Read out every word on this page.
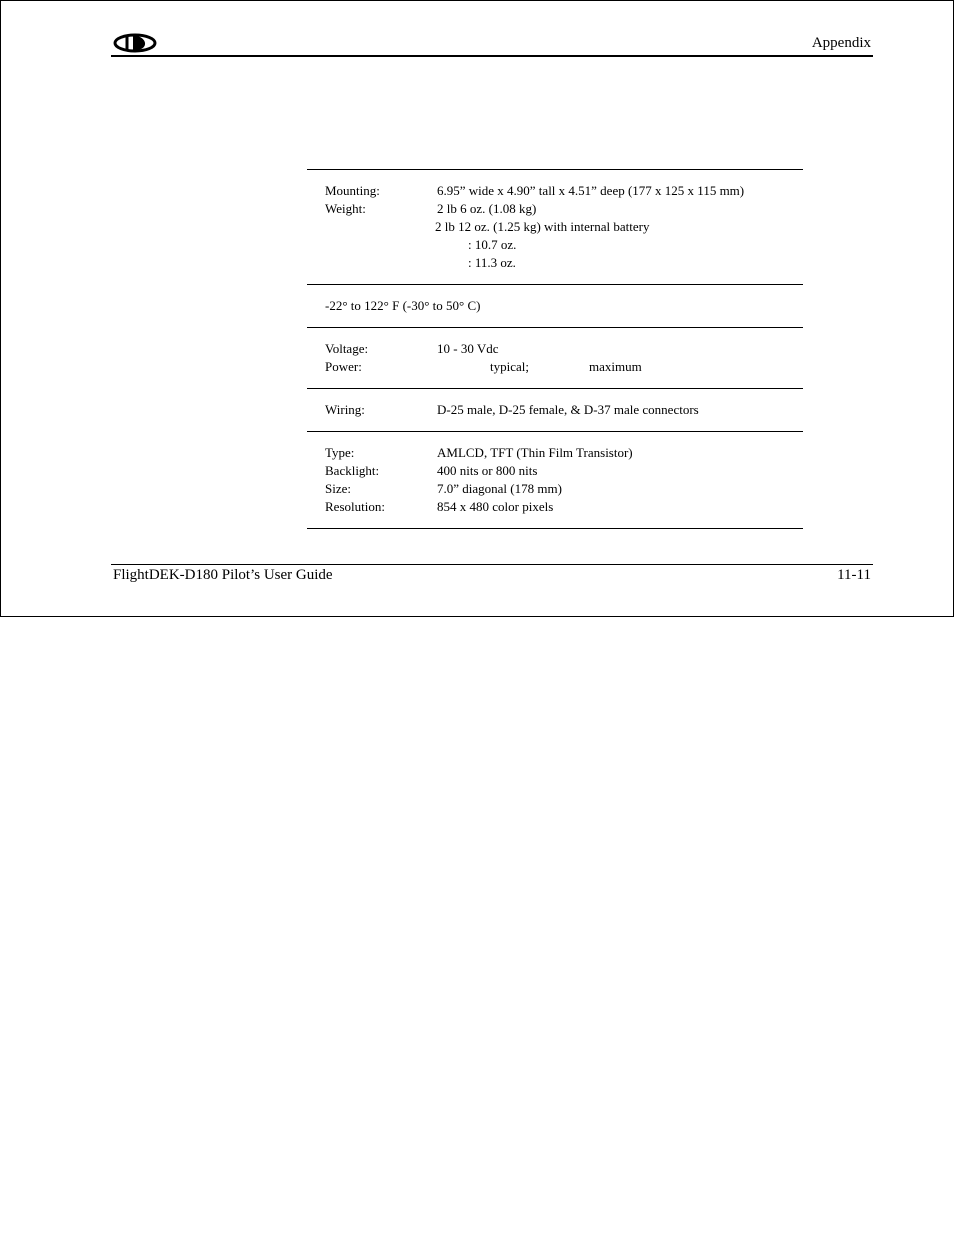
Appendix
Mounting:	6.95” wide x 4.90” tall x 4.51” deep (177 x 125 x 115 mm)
Weight:	2 lb 6 oz. (1.08 kg)
2 lb 12 oz. (1.25 kg) with internal battery
: 10.7 oz.
: 11.3 oz.
-22° to 122° F (-30° to 50° C)
Voltage:	10 - 30 Vdc
Power:	typical;	maximum
Wiring:	D-25 male, D-25 female, & D-37 male connectors
Type:	AMLCD, TFT (Thin Film Transistor)
Backlight:	400 nits or 800 nits
Size:	7.0” diagonal (178 mm)
Resolution:	854 x 480 color pixels
FlightDEK-D180 Pilot’s User Guide	11-11
